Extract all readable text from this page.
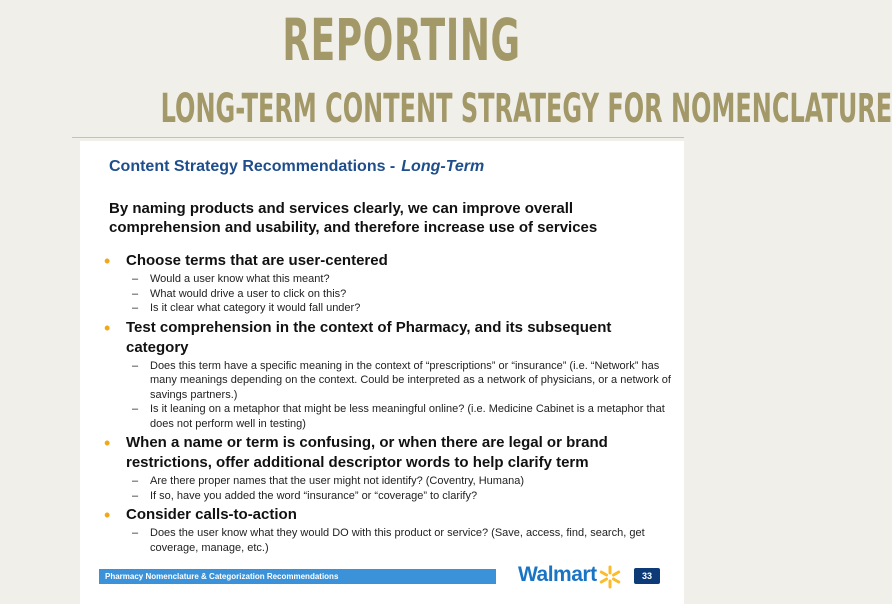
REPORTING
LONG-TERM CONTENT STRATEGY FOR NOMENCLATURE
Content Strategy Recommendations - Long-Term
By naming products and services clearly, we can improve overall comprehension and usability, and therefore increase use of services
• Choose terms that are user-centered
– Would a user know what this meant?
– What would drive a user to click on this?
– Is it clear what category it would fall under?
• Test comprehension in the context of Pharmacy, and its subsequent category
– Does this term have a specific meaning in the context of “prescriptions” or “insurance” (i.e. “Network” has many meanings depending on the context. Could be interpreted as a network of physicians, or a network of savings partners.)
– Is it leaning on a metaphor that might be less meaningful online? (i.e. Medicine Cabinet is a metaphor that does not perform well in testing)
• When a name or term is confusing, or when there are legal or brand restrictions, offer additional descriptor words to help clarify term
– Are there proper names that the user might not identify? (Coventry, Humana)
– If so, have you added the word “insurance” or “coverage” to clarify?
• Consider calls-to-action
– Does the user know what they would DO with this product or service? (Save, access, find, search, get coverage, manage, etc.)
Pharmacy Nomenclature & Categorization Recommendations	Walmart	33
